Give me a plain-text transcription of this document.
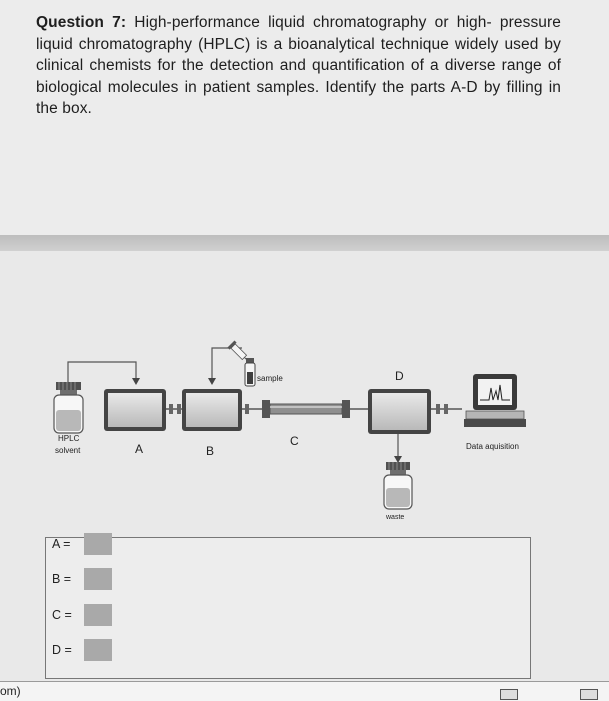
Question 7: High-performance liquid chromatography or high- pressure liquid chromatography (HPLC) is a bioanalytical technique widely used by clinical chemists for the detection and quantification of a diverse range of biological molecules in patient samples. Identify the parts A-D by filling in the box.
sample
Data aquisition
waste
HPLC
solvent	A	B
C
D
A =
B =
C =
D =
om)
